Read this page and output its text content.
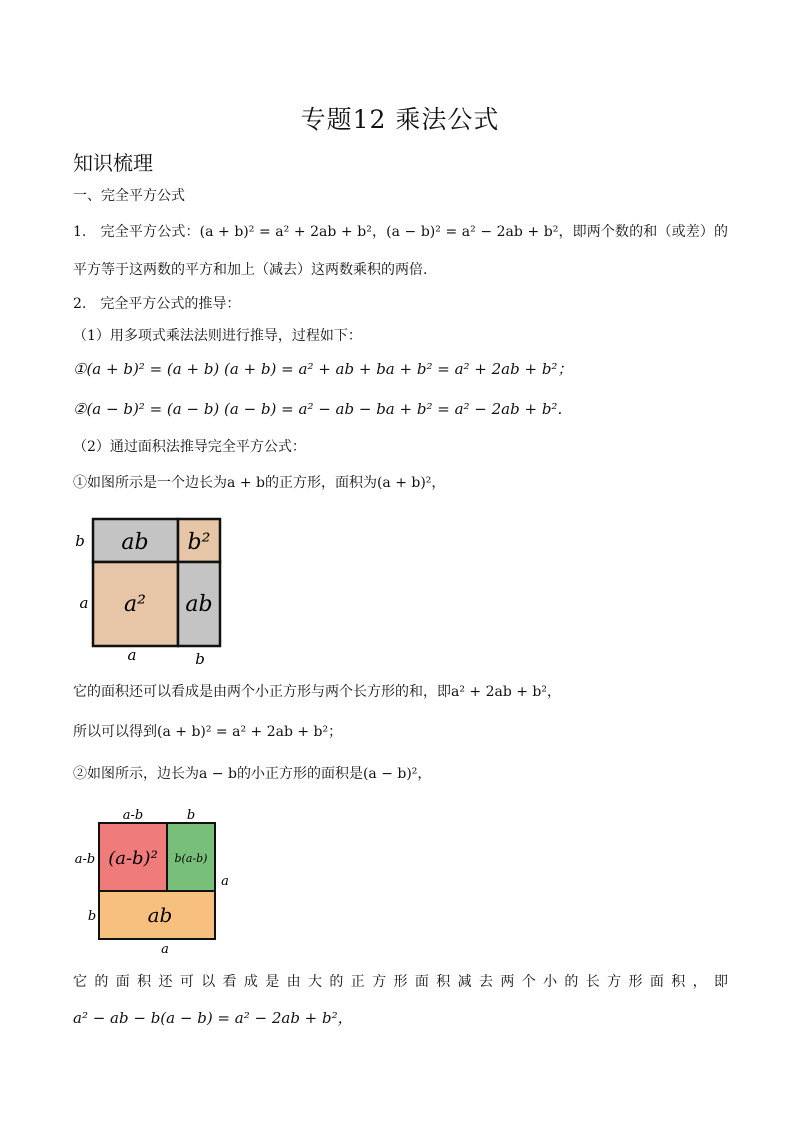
专题12 乘法公式
知识梳理
一、完全平方公式
1.　完全平方公式：(a + b)² = a² + 2ab + b²，(a − b)² = a² − 2ab + b²，即两个数的和（或差）的
平方等于这两数的平方和加上（减去）这两数乘积的两倍.
2.　完全平方公式的推导：
（1）用多项式乘法法则进行推导，过程如下：
①(a + b)² = (a + b) (a + b) = a² + ab + ba + b² = a² + 2ab + b²；
②(a − b)² = (a − b) (a − b) = a² − ab − ba + b² = a² − 2ab + b².
（2）通过面积法推导完全平方公式：
①如图所示是一个边长为a + b的正方形，面积为(a + b)²，
ab b²
a² ab
b
a
a	b
它的面积还可以看成是由两个小正方形与两个长方形的和，即a² + 2ab + b²，
所以可以得到(a + b)² = a² + 2ab + b²；
②如图所示，边长为a − b的小正方形的面积是(a − b)²，
a-b	b
a-b
b
a
a
(a-b)² b(a-b)
ab
它的面积还可以看成是由大的正方形面积减去两个小的长方形面积，即
a² − ab − b(a − b) = a² − 2ab + b²，
